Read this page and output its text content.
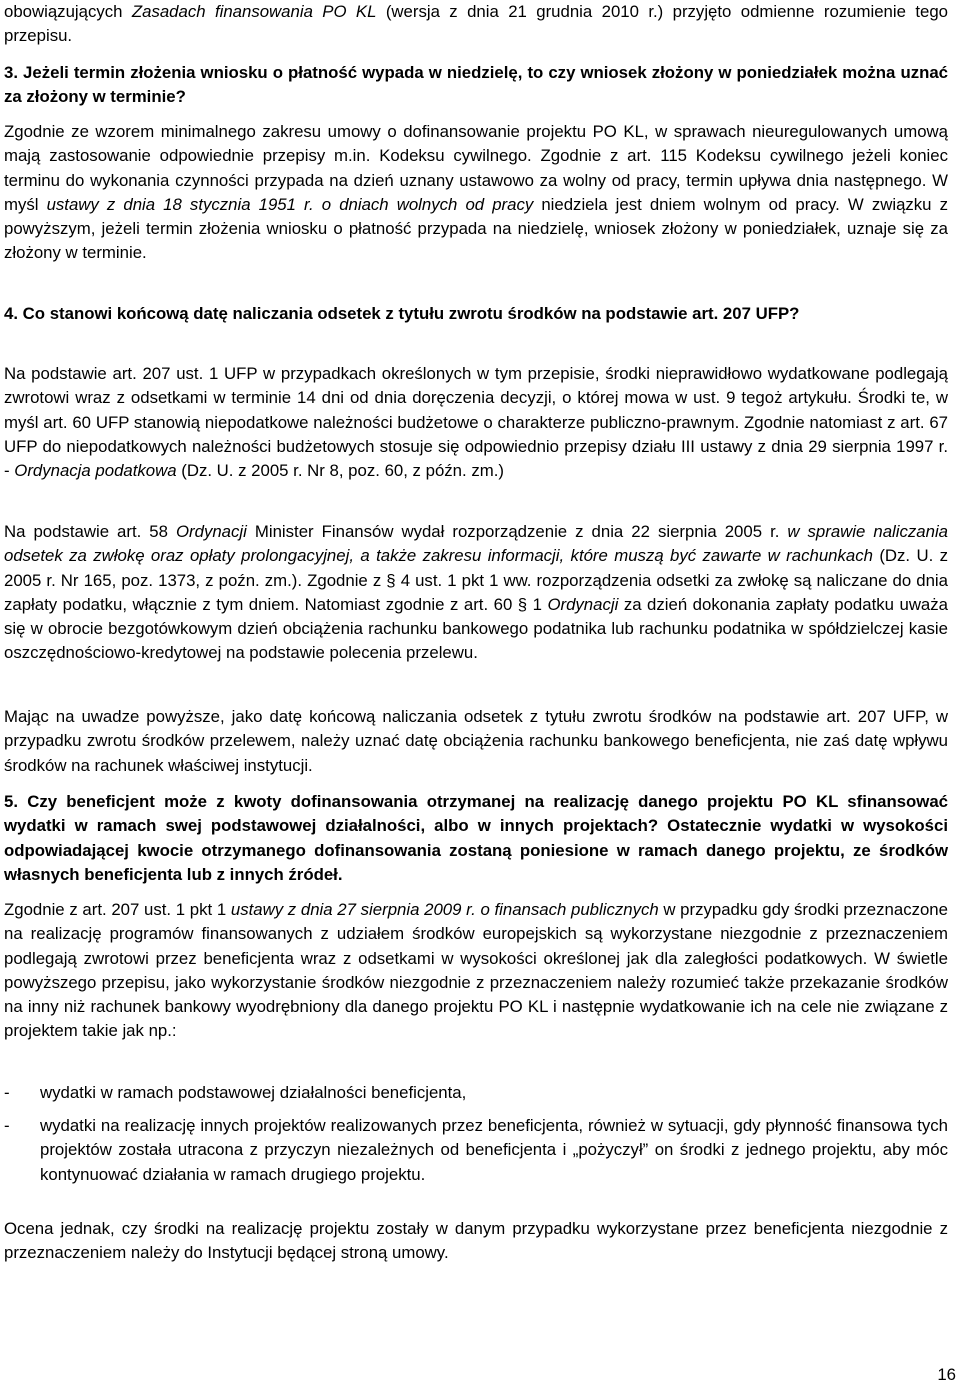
obowiązujących Zasadach finansowania PO KL (wersja z dnia 21 grudnia 2010 r.) przyjęto odmienne rozumienie tego przepisu.

3. Jeżeli termin złożenia wniosku o płatność wypada w niedzielę, to czy wniosek złożony w poniedziałek można uznać za złożony w terminie?

Zgodnie ze wzorem minimalnego zakresu umowy o dofinansowanie projektu PO KL, w sprawach nieuregulowanych umową mają zastosowanie odpowiednie przepisy m.in. Kodeksu cywilnego. Zgodnie z art. 115 Kodeksu cywilnego jeżeli koniec terminu do wykonania czynności przypada na dzień uznany ustawowo za wolny od pracy, termin upływa dnia następnego. W myśl ustawy z dnia 18 stycznia 1951 r. o dniach wolnych od pracy niedziela jest dniem wolnym od pracy. W związku z powyższym, jeżeli termin złożenia wniosku o płatność przypada na niedzielę, wniosek złożony w poniedziałek, uznaje się za złożony w terminie.

4. Co stanowi końcową datę naliczania odsetek z tytułu zwrotu środków na podstawie art. 207 UFP?

Na podstawie art. 207 ust. 1 UFP w przypadkach określonych w tym przepisie, środki nieprawidłowo wydatkowane podlegają zwrotowi wraz z odsetkami w terminie 14 dni od dnia doręczenia decyzji, o której mowa w ust. 9 tegoż artykułu. Środki te, w myśl art. 60 UFP stanowią niepodatkowe należności budżetowe o charakterze publiczno-prawnym. Zgodnie natomiast z art. 67 UFP do niepodatkowych należności budżetowych stosuje się odpowiednio przepisy działu III ustawy z dnia 29 sierpnia 1997 r. - Ordynacja podatkowa (Dz. U. z 2005 r. Nr 8, poz. 60, z późn. zm.)

Na podstawie art. 58 Ordynacji Minister Finansów wydał rozporządzenie z dnia 22 sierpnia 2005 r. w sprawie naliczania odsetek za zwłokę oraz opłaty prolongacyjnej, a także zakresu informacji, które muszą być zawarte w rachunkach (Dz. U. z 2005 r. Nr 165, poz. 1373, z poźn. zm.). Zgodnie z § 4 ust. 1 pkt 1 ww. rozporządzenia odsetki za zwłokę są naliczane do dnia zapłaty podatku, włącznie z tym dniem. Natomiast zgodnie z art. 60 § 1 Ordynacji za dzień dokonania zapłaty podatku uważa się w obrocie bezgotówkowym dzień obciążenia rachunku bankowego podatnika lub rachunku podatnika w spółdzielczej kasie oszczędnościowo-kredytowej na podstawie polecenia przelewu.

Mając na uwadze powyższe, jako datę końcową naliczania odsetek z tytułu zwrotu środków na podstawie art. 207 UFP, w przypadku zwrotu środków przelewem, należy uznać datę obciążenia rachunku bankowego beneficjenta, nie zaś datę wpływu środków na rachunek właściwej instytucji.

5. Czy beneficjent może z kwoty dofinansowania otrzymanej na realizację danego projektu PO KL sfinansować wydatki w ramach swej podstawowej działalności, albo w innych projektach? Ostatecznie wydatki w wysokości odpowiadającej kwocie otrzymanego dofinansowania zostaną poniesione w ramach danego projektu, ze środków własnych beneficjenta lub z innych źródeł.

Zgodnie z art. 207 ust. 1 pkt 1 ustawy z dnia 27 sierpnia 2009 r. o finansach publicznych w przypadku gdy środki przeznaczone na realizację programów finansowanych z udziałem środków europejskich są wykorzystane niezgodnie z przeznaczeniem podlegają zwrotowi przez beneficjenta wraz z odsetkami w wysokości określonej jak dla zaległości podatkowych. W świetle powyższego przepisu, jako wykorzystanie środków niezgodnie z przeznaczeniem należy rozumieć także przekazanie środków na inny niż rachunek bankowy wyodrębniony dla danego projektu PO KL i następnie wydatkowanie ich na cele nie związane z projektem takie jak np.:

-	wydatki w ramach podstawowej działalności beneficjenta,
-	wydatki na realizację innych projektów realizowanych przez beneficjenta, również w sytuacji, gdy płynność finansowa tych projektów została utracona z przyczyn niezależnych od beneficjenta i „pożyczył” on środki z jednego projektu, aby móc kontynuować działania w ramach drugiego projektu.

Ocena jednak, czy środki na realizację projektu zostały w danym przypadku wykorzystane przez beneficjenta niezgodnie z przeznaczeniem należy do Instytucji będącej stroną umowy.

16
